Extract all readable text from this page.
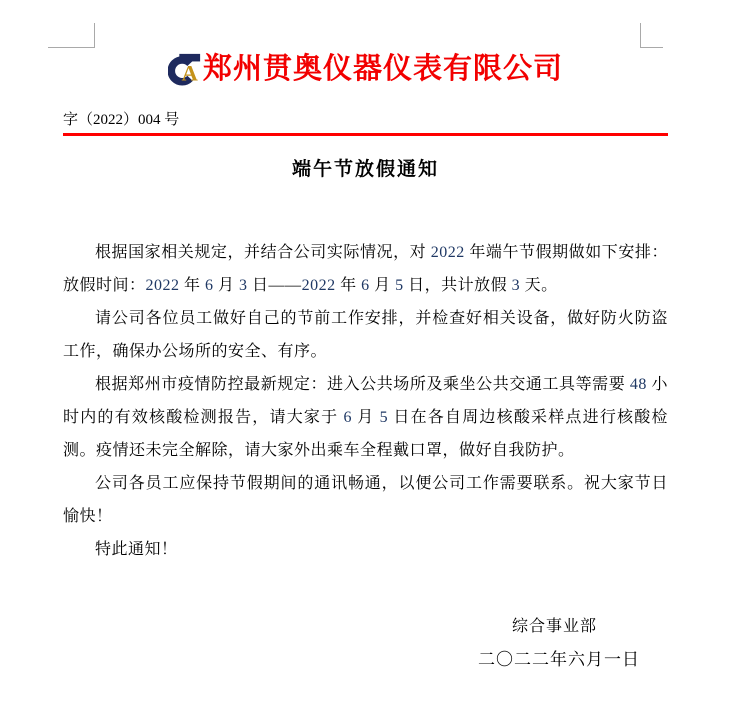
A 郑州贯奥仪器仪表有限公司
字（2022）004 号
端午节放假通知

根据国家相关规定，并结合公司实际情况，对 2022 年端午节假期做如下安排：放假时间：2022 年 6 月 3 日——2022 年 6 月 5 日，共计放假 3 天。

请公司各位员工做好自己的节前工作安排，并检查好相关设备，做好防火防盗工作，确保办公场所的安全、有序。

根据郑州市疫情防控最新规定：进入公共场所及乘坐公共交通工具等需要 48 小时内的有效核酸检测报告，请大家于 6 月 5 日在各自周边核酸采样点进行核酸检测。疫情还未完全解除，请大家外出乘车全程戴口罩，做好自我防护。

公司各员工应保持节假期间的通讯畅通，以便公司工作需要联系。祝大家节日愉快！

特此通知！

综合事业部
二〇二二年六月一日
